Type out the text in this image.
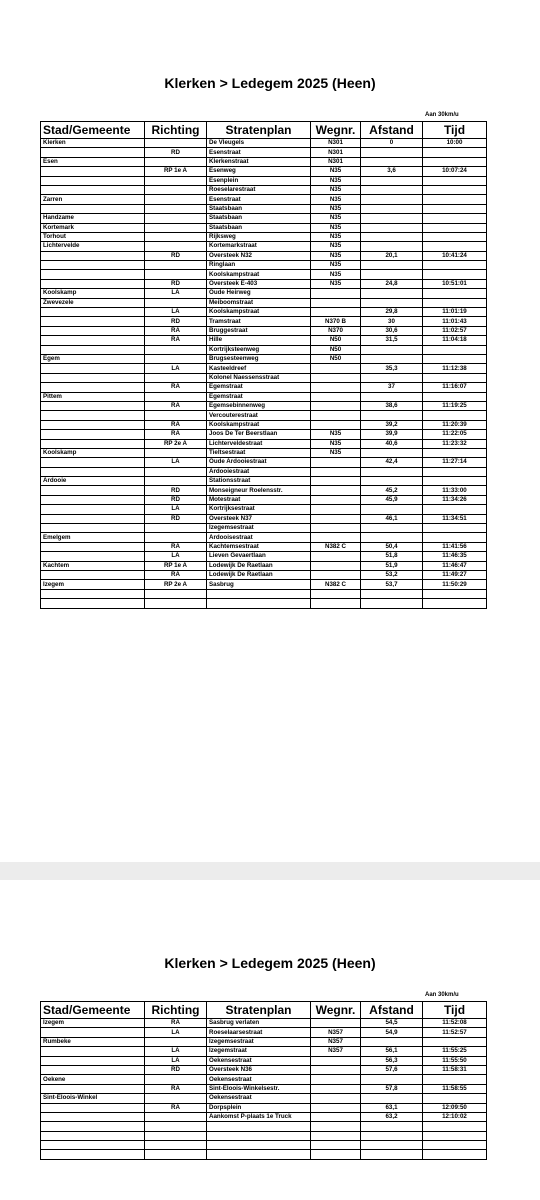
Klerken > Ledegem 2025 (Heen)
Aan 30km/u
Stad/Gemeente	Richting	Stratenplan	Wegnr.	Afstand	Tijd
Klerken		De Vleugels	N301	0	10:00
	RD	Esenstraat	N301		
Esen		Klerkenstraat	N301		
	RP 1e A	Esenweg	N35	3,6	10:07:24
		Esenplein	N35		
		Roeselarestraat	N35		
Zarren		Esenstraat	N35		
		Staatsbaan	N35		
Handzame		Staatsbaan	N35		
Kortemark		Staatsbaan	N35		
Torhout		Rijksweg	N35		
Lichtervelde		Kortemarkstraat	N35		
	RD	Oversteek N32	N35	20,1	10:41:24
		Ringlaan	N35		
		Koolskampstraat	N35		
	RD	Oversteek E-403	N35	24,8	10:51:01
Koolskamp	LA	Oude Heirweg			
Zwevezele		Meiboomstraat			
	LA	Koolskampstraat		29,8	11:01:19
	RD	Tramstraat	N370 B	30	11:01:43
	RA	Bruggestraat	N370	30,6	11:02:57
	RA	Hille	N50	31,5	11:04:18
		Kortrijksteenweg	N50		
Egem		Brugsesteenweg	N50		
	LA	Kasteeldreef		35,3	11:12:38
		Kolonel Naessensstraat			
	RA	Egemstraat		37	11:16:07
Pittem		Egemstraat			
	RA	Egemsebinnenweg		38,6	11:19:25
		Vercouterestraat			
	RA	Koolskampstraat		39,2	11:20:39
	RA	Joos De Ter Beerstlaan	N35	39,9	11:22:05
	RP 2e A	Lichterveldestraat	N35	40,6	11:23:32
Koolskamp		Tieltsestraat	N35		
	LA	Oude Ardooiestraat		42,4	11:27:14
		Ardooiestraat			
Ardooie		Stationsstraat			
	RD	Monseigneur Roelensstr.		45,2	11:33:00
	RD	Motestraat		45,9	11:34:26
	LA	Kortrijksestraat			
	RD	Oversteek N37		46,1	11:34:51
		Izegemsestraat			
Emelgem		Ardooisestraat			
	RA	Kachtemsestraat	N382 C	50,4	11:41:56
	LA	Lieven Gevaertlaan		51,8	11:46:35
Kachtem	RP 1e A	Lodewijk De Raetlaan		51,9	11:46:47
	RA	Lodewijk De Raetlaan		53,2	11:49:27
Izegem	RP 2e A	Sasbrug	N382 C	53,7	11:50:29

Klerken > Ledegem 2025 (Heen)
Aan 30km/u
Stad/Gemeente	Richting	Stratenplan	Wegnr.	Afstand	Tijd
Izegem	RA	Sasbrug verlaten		54,5	11:52:08
	LA	Roeselaarsestraat	N357	54,9	11:52:57
Rumbeke		Izegemsestraat	N357		
	LA	Izegemstraat	N357	56,1	11:55:25
	LA	Oekensestraat		56,3	11:55:50
	RD	Oversteek N36		57,6	11:58:31
Oekene		Oekensestraat			
	RA	Sint-Eloois-Winkelsestr.		57,8	11:58:55
Sint-Eloois-Winkel		Oekensestraat			
	RA	Dorpsplein		63,1	12:09:50
		Aankomst P-plaats 1e Truck		63,2	12:10:02
